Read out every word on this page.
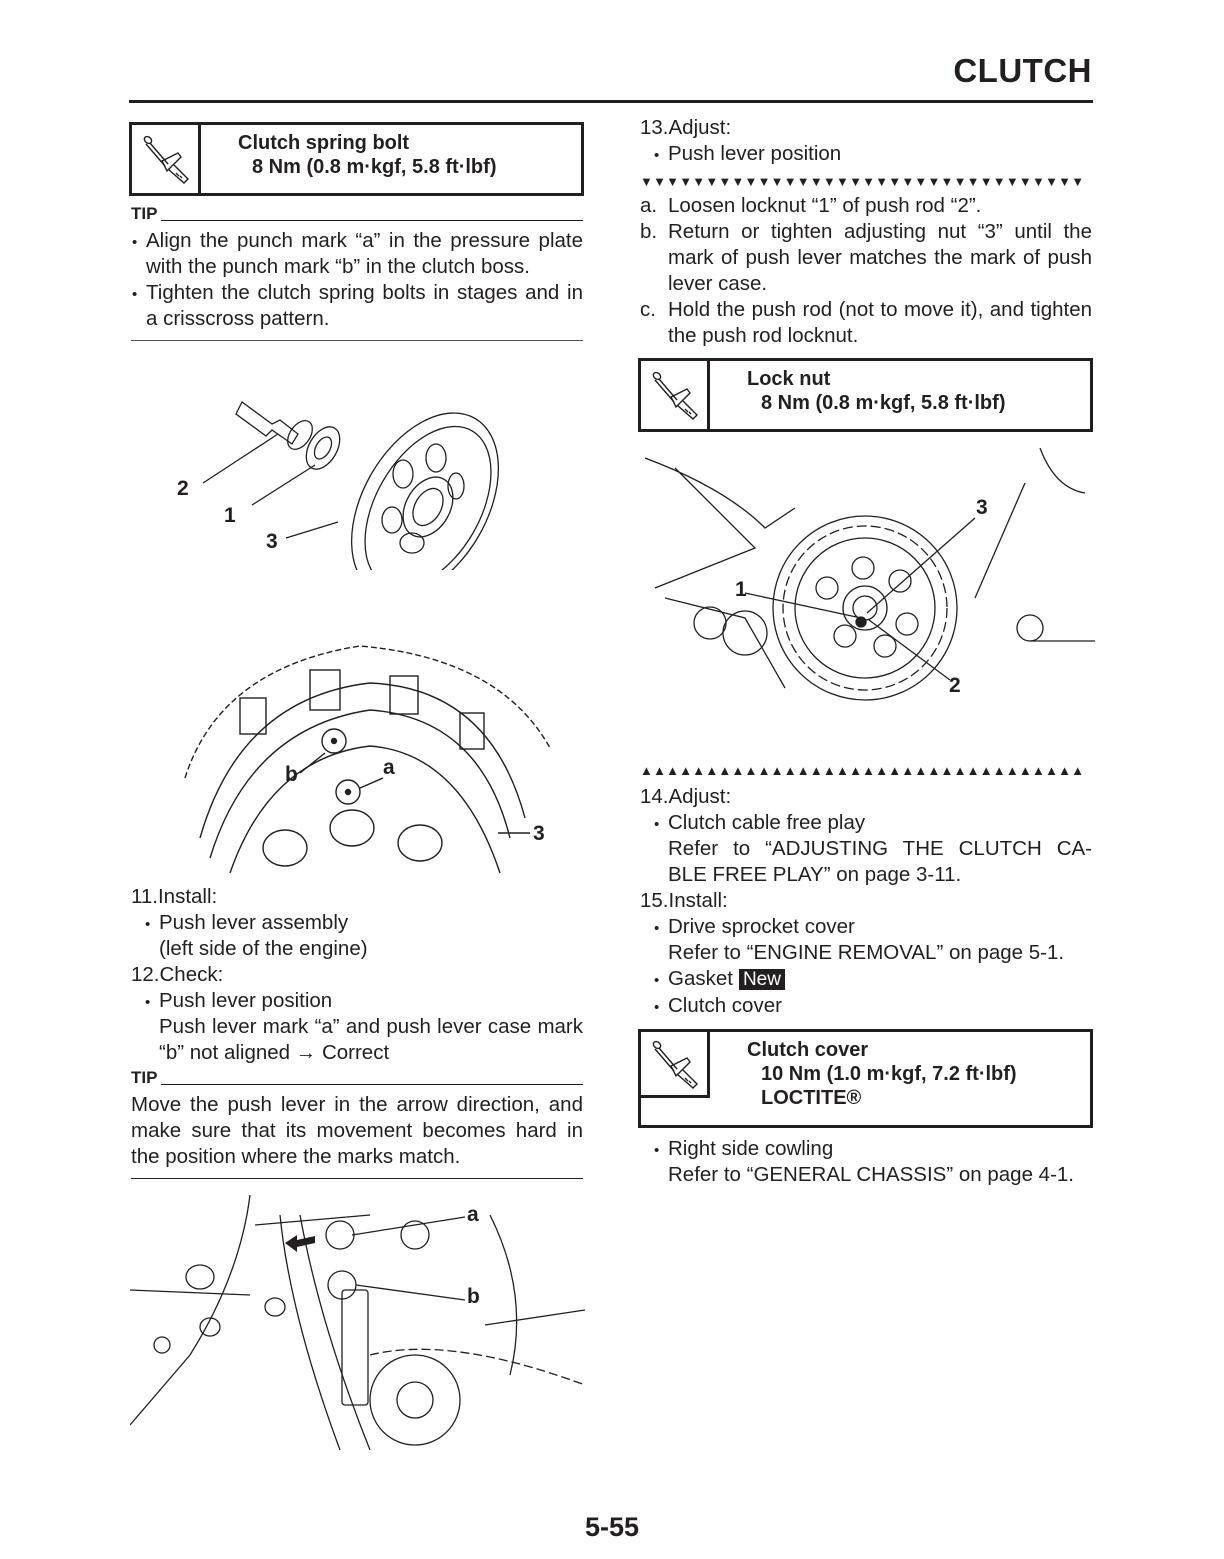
CLUTCH
Clutch spring bolt
8 Nm (0.8 m·kgf, 5.8 ft·lbf)
TIP
• Align the punch mark “a” in the pressure plate with the punch mark “b” in the clutch boss.
• Tighten the clutch spring bolts in stages and in a crisscross pattern.
2
1
3
b	a
3
11.Install:
• Push lever assembly
(left side of the engine)
12.Check:
• Push lever position
Push lever mark “a” and push lever case mark “b” not aligned → Correct
TIP
Move the push lever in the arrow direction, and make sure that its movement becomes hard in the position where the marks match.
a
b
13.Adjust:
• Push lever position
▼▼▼▼▼▼▼▼▼▼▼▼▼▼▼▼▼▼▼▼▼▼▼▼▼▼▼▼▼▼▼▼▼▼
a. Loosen locknut “1” of push rod “2”.
b. Return or tighten adjusting nut “3” until the mark of push lever matches the mark of push lever case.
c. Hold the push rod (not to move it), and tighten the push rod locknut.
Lock nut
8 Nm (0.8 m·kgf, 5.8 ft·lbf)
3
1
2
▲▲▲▲▲▲▲▲▲▲▲▲▲▲▲▲▲▲▲▲▲▲▲▲▲▲▲▲▲▲▲▲▲▲
14.Adjust:
• Clutch cable free play
Refer to “ADJUSTING THE CLUTCH CA-
BLE FREE PLAY” on page 3-11.
15.Install:
• Drive sprocket cover
Refer to “ENGINE REMOVAL” on page 5-1.
• Gasket New
• Clutch cover
Clutch cover
10 Nm (1.0 m·kgf, 7.2 ft·lbf)
LOCTITE®
• Right side cowling
Refer to “GENERAL CHASSIS” on page 4-1.
5-55
